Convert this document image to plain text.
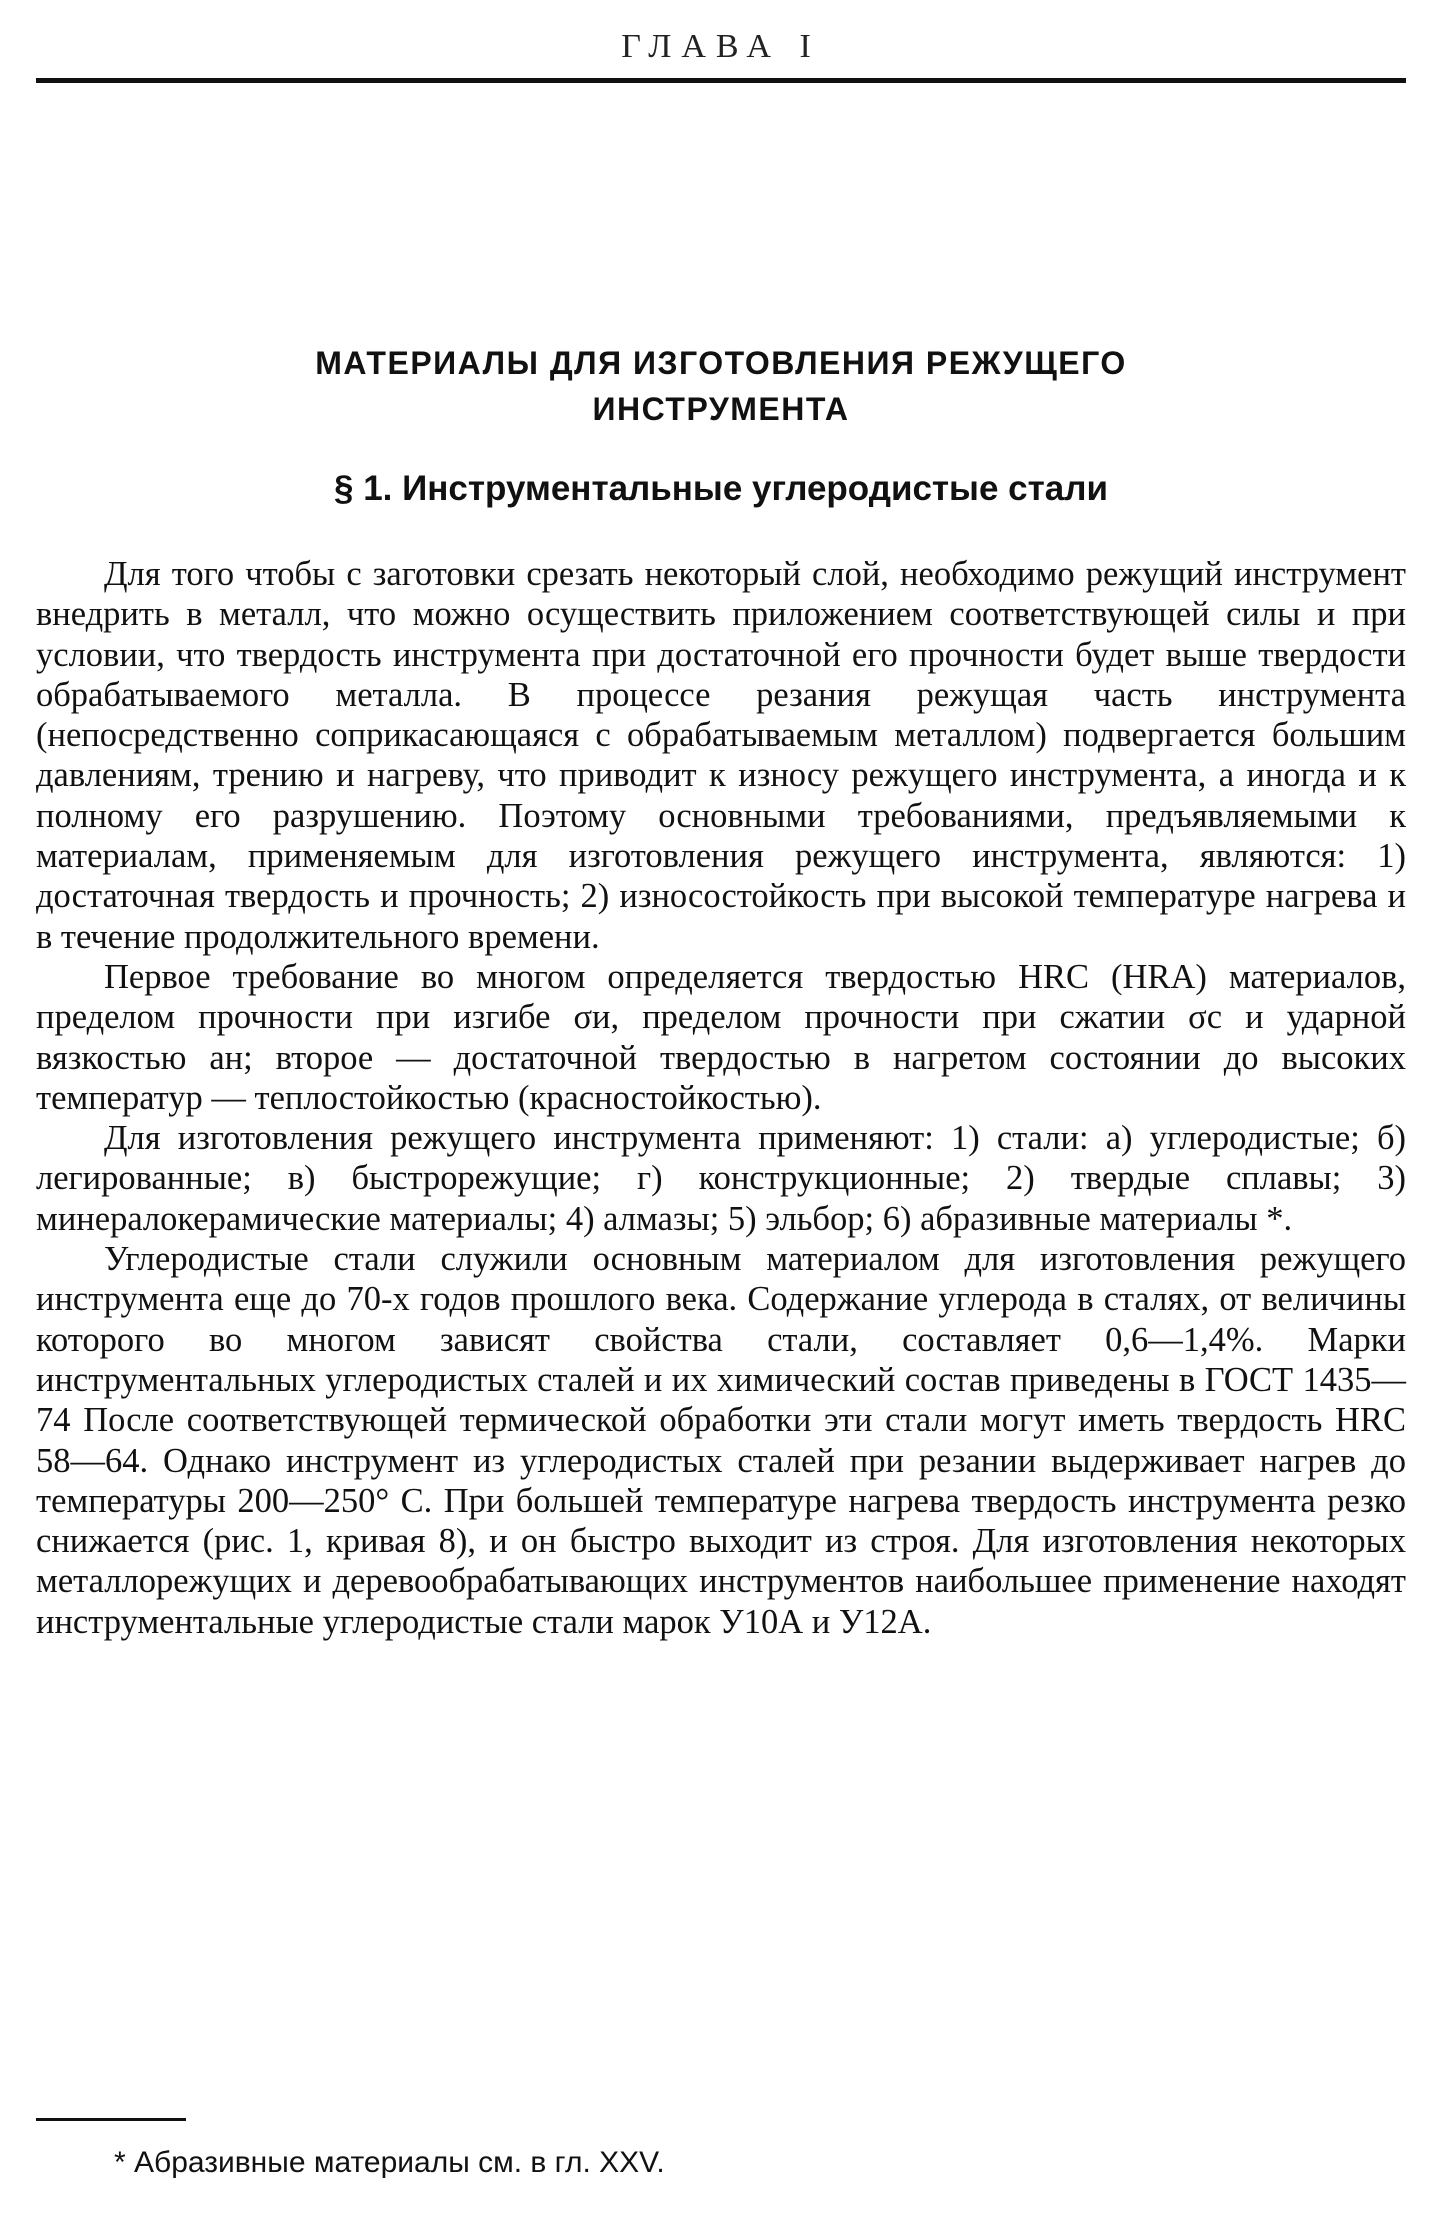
ГЛАВА I
МАТЕРИАЛЫ ДЛЯ ИЗГОТОВЛЕНИЯ РЕЖУЩЕГО
ИНСТРУМЕНТА
§ 1. Инструментальные углеродистые стали

Для того чтобы с заготовки срезать некоторый слой, необходимо режущий инструмент внедрить в металл, что можно осуществить приложением соответствующей силы и при условии, что твердость инструмента при достаточной его прочности будет выше твердости обрабатываемого металла. В процессе резания режущая часть инструмента (непосредственно соприкасающаяся с обрабатываемым металлом) подвергается большим давлениям, трению и нагреву, что приводит к износу режущего инструмента, а иногда и к полному его разрушению. Поэтому основными требованиями, предъявляемыми к материалам, применяемым для изготовления режущего инструмента, являются: 1) достаточная твердость и прочность; 2) износостойкость при высокой температуре нагрева и в течение продолжительного времени.

Первое требование во многом определяется твердостью HRC (HRA) материалов, пределом прочности при изгибе σи, пределом прочности при сжатии σс и ударной вязкостью aн; второе — достаточной твердостью в нагретом состоянии до высоких температур — теплостойкостью (красностойкостью).

Для изготовления режущего инструмента применяют: 1) стали: а) углеродистые; б) легированные; в) быстрорежущие; г) конструкционные; 2) твердые сплавы; 3) минералокерамические материалы; 4) алмазы; 5) эльбор; 6) абразивные материалы *.

Углеродистые стали служили основным материалом для изготовления режущего инструмента еще до 70-х годов прошлого века. Содержание углерода в сталях, от величины которого во многом зависят свойства стали, составляет 0,6—1,4%. Марки инструментальных углеродистых сталей и их химический состав приведены в ГОСТ 1435—74 После соответствующей термической обработки эти стали могут иметь твердость HRC 58—64. Однако инструмент из углеродистых сталей при резании выдерживает нагрев до температуры 200—250° С. При большей температуре нагрева твердость инструмента резко снижается (рис. 1, кривая 8), и он быстро выходит из строя. Для изготовления некоторых металлорежущих и деревообрабатывающих инструментов наибольшее применение находят инструментальные углеродистые стали марок У10А и У12А.

* Абразивные материалы см. в гл. XXV.
